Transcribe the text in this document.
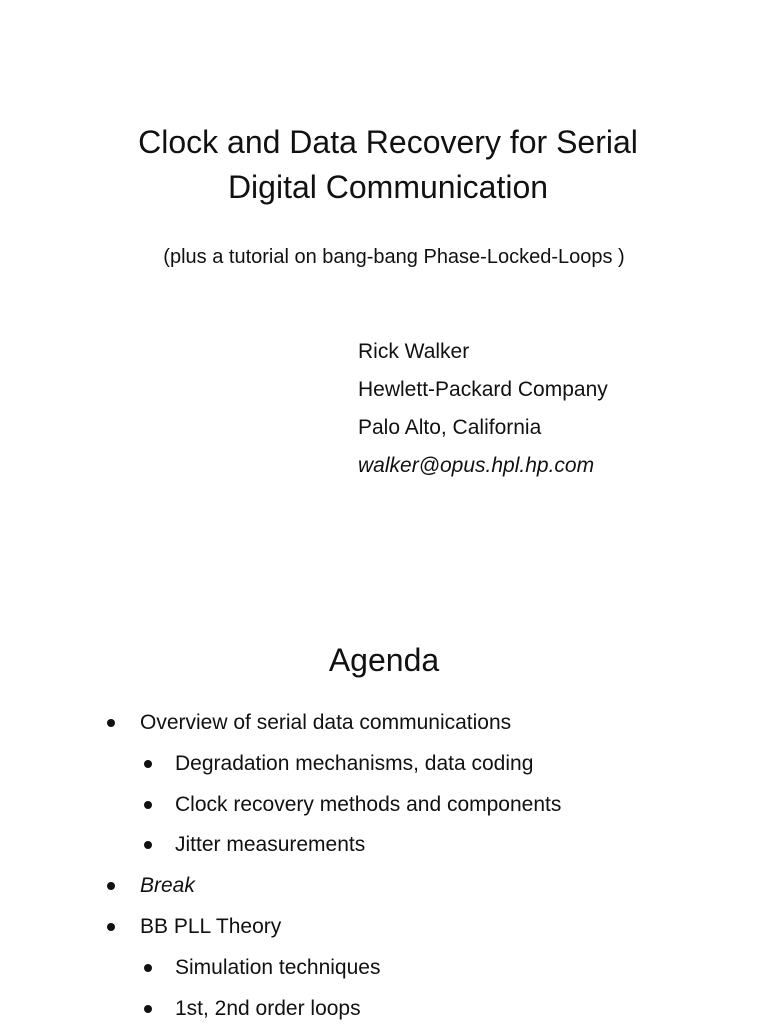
Clock and Data Recovery for Serial
Digital Communication

(plus a tutorial on bang-bang Phase-Locked-Loops )

Rick Walker
Hewlett-Packard Company
Palo Alto, California
walker@opus.hpl.hp.com
Agenda
Overview of serial data communications
Degradation mechanisms, data coding
Clock recovery methods and components
Jitter measurements
Break
BB PLL Theory
Simulation techniques
1st, 2nd order loops
